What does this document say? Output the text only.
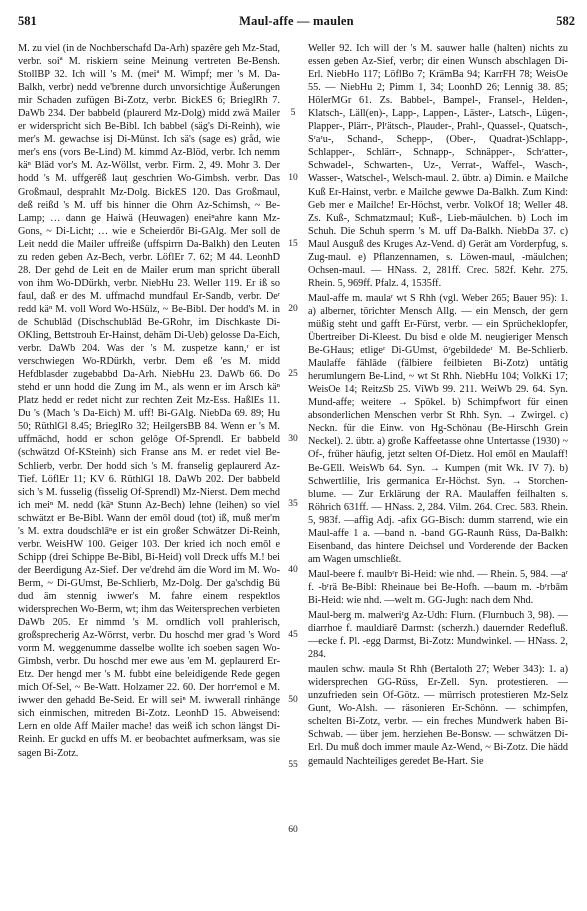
581	Maul-affe — maulen	582

M. zu viel (in de Nochberschafd Da-Arh) spazêre geh Mz-Stad, verbr. soiª M. riskiern seine Meinung vertreten Be-Bensh. StollBP 32. Ich will 's M. (meiª M. Wimpf; mer 's M. Da-Balkh, verbr) nedd ve'brenne durch unvorsichtige Äußerungen mir Schaden zufügen Bi-Zotz, verbr. BickES 6; BrieglRh 7. DaWb 234. Der babbeld (plaurerd Mz-Dolg) midd zwä Mailer er widerspricht sich Be-Bibl. Ich babbel (säg's Di-Reinh), wie mer's M. gewachse isj Di-Münst. Ich sä's (sage es) gråd, wie mer's ens (vors Be-Lind) M. kimmd Az-Blöd, verbr. Ich nemm käⁿ Bläd vor's M. Az-Wöllst, verbr. Firm. 2, 49. Mohr 3. Der hodd 's M. uffgerêß lauṭ geschrien Wo-Gimbsh. verbr. Das Großmaul, desprahlt Mz-Dolg. BickES 120. Das Großmaul, deß reißd 's M. uff bis hinner die Ohrn Az-Schimsh, ~ Be-Lamp; … dann ge Haiwä (Heuwagen) eneiⁿahre kann Mz-Gons, ~ Di-Licht; … wie e Scheierdōr Bi-GAlg. Mer soll de Leit nedd die Mailer uffreiße (uffspirrn Da-Balkh) den Leuten zu reden geben Az-Bech, verbr. LöflEr 7. 62; M 44. LeonhD 28. Der gehd de Leit en de Mailer erum man spricht überall von ihm Wo-DDürkh, verbr. NiebHu 23. Weller 119. Er iß so faul, daß er des M. uffmachd mundfaul Er-Sandb, verbr. Deʳ redd käⁿ M. voll Word Wo-HSülz, ~ Be-Bibl. Der hodd's M. in de Schublād (Dischschublād Be-GRohr, im Dischkaste Di-OKling, Bettstrouh Er-Hainst, dehäm Di-Ueb) gelosse Da-Eich, verbr. DaWb 204. Was der 's M. zuspetze kann,ʳ er ist verschwiegen Wo-RDürkh, verbr. Dem eß 'es M. midd Hefdblasder zugebabbd Da-Arh. NiebHu 23. DaWb 66. Do stehd er unn hodd die Zung im M., als wenn er im Arsch käⁿ Platz hedd er redet nicht zur rechten Zeit Mz-Ess. HaßlEs 11. Du 's (Mach 's Da-Eich) M. uff! Bi-GAlg. NiebDa 69. 89; Hu 50; RüthlGl 8.45; BrieglRo 32; HeilgersBB 84. Wenn er 's M. uffmächd, hodd er schon gelōge Of-Sprendl. Er babbeld (schwätzd Of-KSteinh) sich Franse ans M. er redet viel Be-Schlierb, verbr. Der hodd sich 's M. franselig geplaurerd Az-Tief. LöflEr 11; KV 6. RüthlGl 18. DaWb 202. Der babbeld sich 's M. fusselig (fisselig Of-Sprendl) Mz-Nierst. Dem mechd ich meiⁿ M. nedd (käⁿ Stunn Az-Bech) lehne (leihen) so viel schwätzt er Be-Bibl. Wann der emōl doud (tot) iß, muß mer'm 's M. extra doudschlāⁿe er ist ein großer Schwätzer Di-Reinh, verbr. WeisHW 100. Geiger 103. Der kried ich noch emōl e Schipp (drei Schippe Be-Bibl, Bi-Heid) voll Dreck uffs M.! bei der Beerdigung Az-Sief. Der ve'drehd äm die Word im M. Wo-Berm, ~ Di-GUmst, Be-Schlierb, Mz-Dolg. Der ga'schdig Bü dud äm stennig iwwer's M. fahre einem respektlos widersprechen Wo-Berm, wt; ihm das Weitersprechen verbieten DaWb 205. Er nimmd 's M. orndlich voll prahlerisch, großsprecherig Az-Wörrst, verbr. Du hoschd mer grad 's Word vorm M. weggenumme dasselbe wollte ich soeben sagen Wo-Gimbsh, verbr. Du hoschd mer ewe aus 'em M. geplaurerd Er-Etz. Der hengd mer 's M. fubbt eine beleidigende Rede gegen mich Of-Sel, ~ Be-Watt. Holzamer 22. 60. Der horrʳemol e M. iwwer den gehadd Be-Seid. Er will seiⁿ M. iwwerall rinhänge sich einmischen, mitreden Bi-Zotz. LeonhD 15. Abweisend: Lern en olde Aff Mailer mache! das weiß ich schon längst Di-Reinh. Er guckd en uffs M. er beobachtet aufmerksam, was sie sagen Bi-Zotz.

5
10
15
20
25
30
35
40
45
50
55
60

Weller 92. Ich will der 's M. sauwer halle (halten) nichts zu essen geben Az-Sief, verbr; dir einen Wunsch abschlagen Di-Erl. NiebHo 117; LöflBo 7; KrämBa 94; KarrFH 78; WeisOe 55. — NiebHu 2; Pimm 1, 34; LoonhD 26; Lennig 38. 85; HölerMGr 61. Zs. Babbel-, Bampel-, Fransel-, Helden-, Klatsch-, Läll(en)-, Lapp-, Lappen-, Läster-, Latsch-, Lügen-, Plapper-, Plärr-, Plʳätsch-, Plauder-, Prahl-, Quassel-, Quatsch-, Sʳaʳu-, Schand-, Schepp-, (Ober-, Quadrat-)Schlapp-, Schlapper-, Schlärr-, Schnapp-, Schnäpper-, Schʳatter-, Schwadel-, Schwarten-, Uz-, Verrat-, Waffel-, Wasch-, Wasser-, Watschel-, Welsch-maul. 2. übtr. a) Dimin. e Mailche Kuß Er-Hainst, verbr. e Mailche gewwe Da-Balkh. Zum Kind: Geb mer e Mailche! Er-Höchst, verbr. VolkOf 18; Weller 48. Zs. Kuß-, Schmatzmaul; Kuß-, Lieb-mäulchen. b) Loch im Schuh. Die Schuh sperrn 's M. uff Da-Balkh. NiebDa 37. c) Maul Ausguß des Kruges Az-Vend. d) Gerät am Vorderpfug, s. Zug-maul. e) Pflanzennamen, s. Löwen-maul, -mäulchen; Ochsen-maul. — HNass. 2, 281ff. Crec. 582f. Kehr. 275. Rhein. 5, 969ff. Pfalz. 4, 1535ff.

Maul-affe m. maulaʳ wt S Rhh (vgl. Weber 265; Bauer 95): 1. a) alberner, törichter Mensch Allg. — ein Mensch, der gern müßig steht und gafft Er-Fürst, verbr. — ein Sprücheklopfer, Übertreiber Di-Kleest. Du bisd e olde M. neugieriger Mensch Be-GHaus; etligeʳ Di-GUmst, öʳgebildedeʳ M. Be-Schlierb. Maulaffe fählāde (fälbiere feilbieten Bi-Zotz) untätig herumlungern Be-Lind, ~ wt St Rhh. NiebHu 104; VolkKi 17; WeisOe 14; ReitzSb 25. ViWb 99. 211. WeiWb 29. 64. Syn. Mund-affe; weitere → Spökel. b) Schimpfwort für einen absonderlichen Menschen verbr St Rhh. Syn. → Zwirgel. c) Neckn. für die Einw. von Hg-Schönau (Be-Hirschh Grein Neckel). 2. übtr. a) große Kaffeetasse ohne Untertasse (1930) ~ Of-, früher häufig, jetzt selten Of-Dietz. Hol emōl en Maulaff! Be-GEll. WeisWb 64. Syn. → Kumpen (mit Wk. IV 7). b) Schwertlilie, Iris germanica Er-Höchst. Syn. → Storchen-blume. — Zur Erklärung der RA. Maulaffen feilhalten s. Röhrich 631ff. — HNass. 2, 284. Vilm. 264. Crec. 583. Rhein. 5, 983f. —affig Adj. -afix GG-Bisch: dumm starrend, wie ein Maul-affe 1 a. —band n. -band GG-Raunh Rüss, Da-Balkh: Eisenband, das hintere Deichsel und Vorderende der Backen am Wagen umschließt.

Maul-beere f. maulbʳr Bi-Heid: wie nhd. — Rhein. 5, 984. —aʳ f. -bʳrä Be-Bibl: Rheinaue bei Be-Hofh. —baum m. -bʳrbām Bi-Heid: wie nhd. —welt m. GG-Jugh: nach dem Nhd.

Maul-berg m. malweriʳg Az-Udh: Flurn. (Flurnbuch 3, 98). —diarrhoe f. mauldiarē Darmst: (scherzh.) dauernder Redefluß. —ecke f. Pl. -egg Darmst, Bi-Zotz: Mundwinkel. — HNass. 2, 284.

maulen schw. maulə St Rhh (Bertaloth 27; Weber 343): 1. a) widersprechen GG-Rüss, Er-Zell. Syn. protestieren. — unzufrieden sein Of-Götz. — mürrisch protestieren Mz-Selz Gunt, Wo-Alsh. — räsonieren Er-Schönn. — schimpfen, schelten Bi-Zotz, verbr. — ein freches Mundwerk haben Bi-Schwab. — über jem. herziehen Be-Bonsw. — schwätzen Di-Erl. Du muß doch immer maule Az-Wend, ~ Bi-Zotz. Die hädd gemauld Nachteiliges geredet Be-Hart. Sie
